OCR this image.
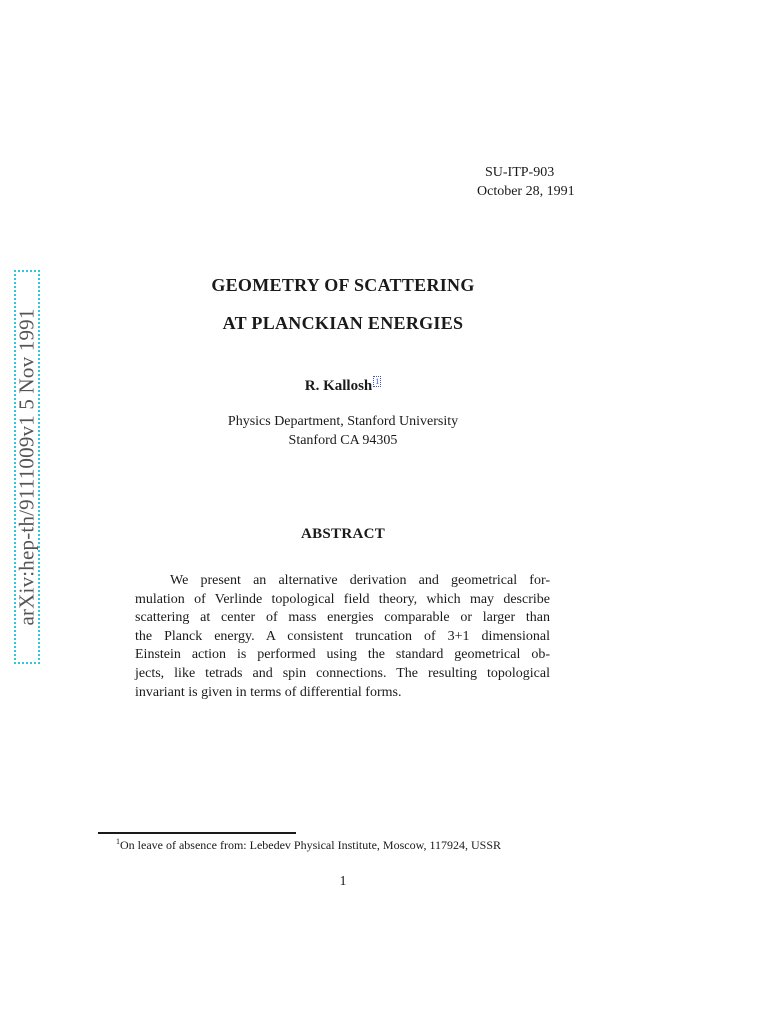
arXiv:hep-th/9111009v1 5 Nov 1991
SU-ITP-903
October 28, 1991
GEOMETRY OF SCATTERING
AT PLANCKIAN ENERGIES
R. Kallosh 1
Physics Department, Stanford University
Stanford CA 94305
ABSTRACT
We present an alternative derivation and geometrical for-
mulation of Verlinde topological field theory, which may describe
scattering at center of mass energies comparable or larger than
the Planck energy. A consistent truncation of 3+1 dimensional
Einstein action is performed using the standard geometrical ob-
jects, like tetrads and spin connections. The resulting topological
invariant is given in terms of differential forms.
$^1$On leave of absence from: Lebedev Physical Institute, Moscow, 117924, USSR
1
